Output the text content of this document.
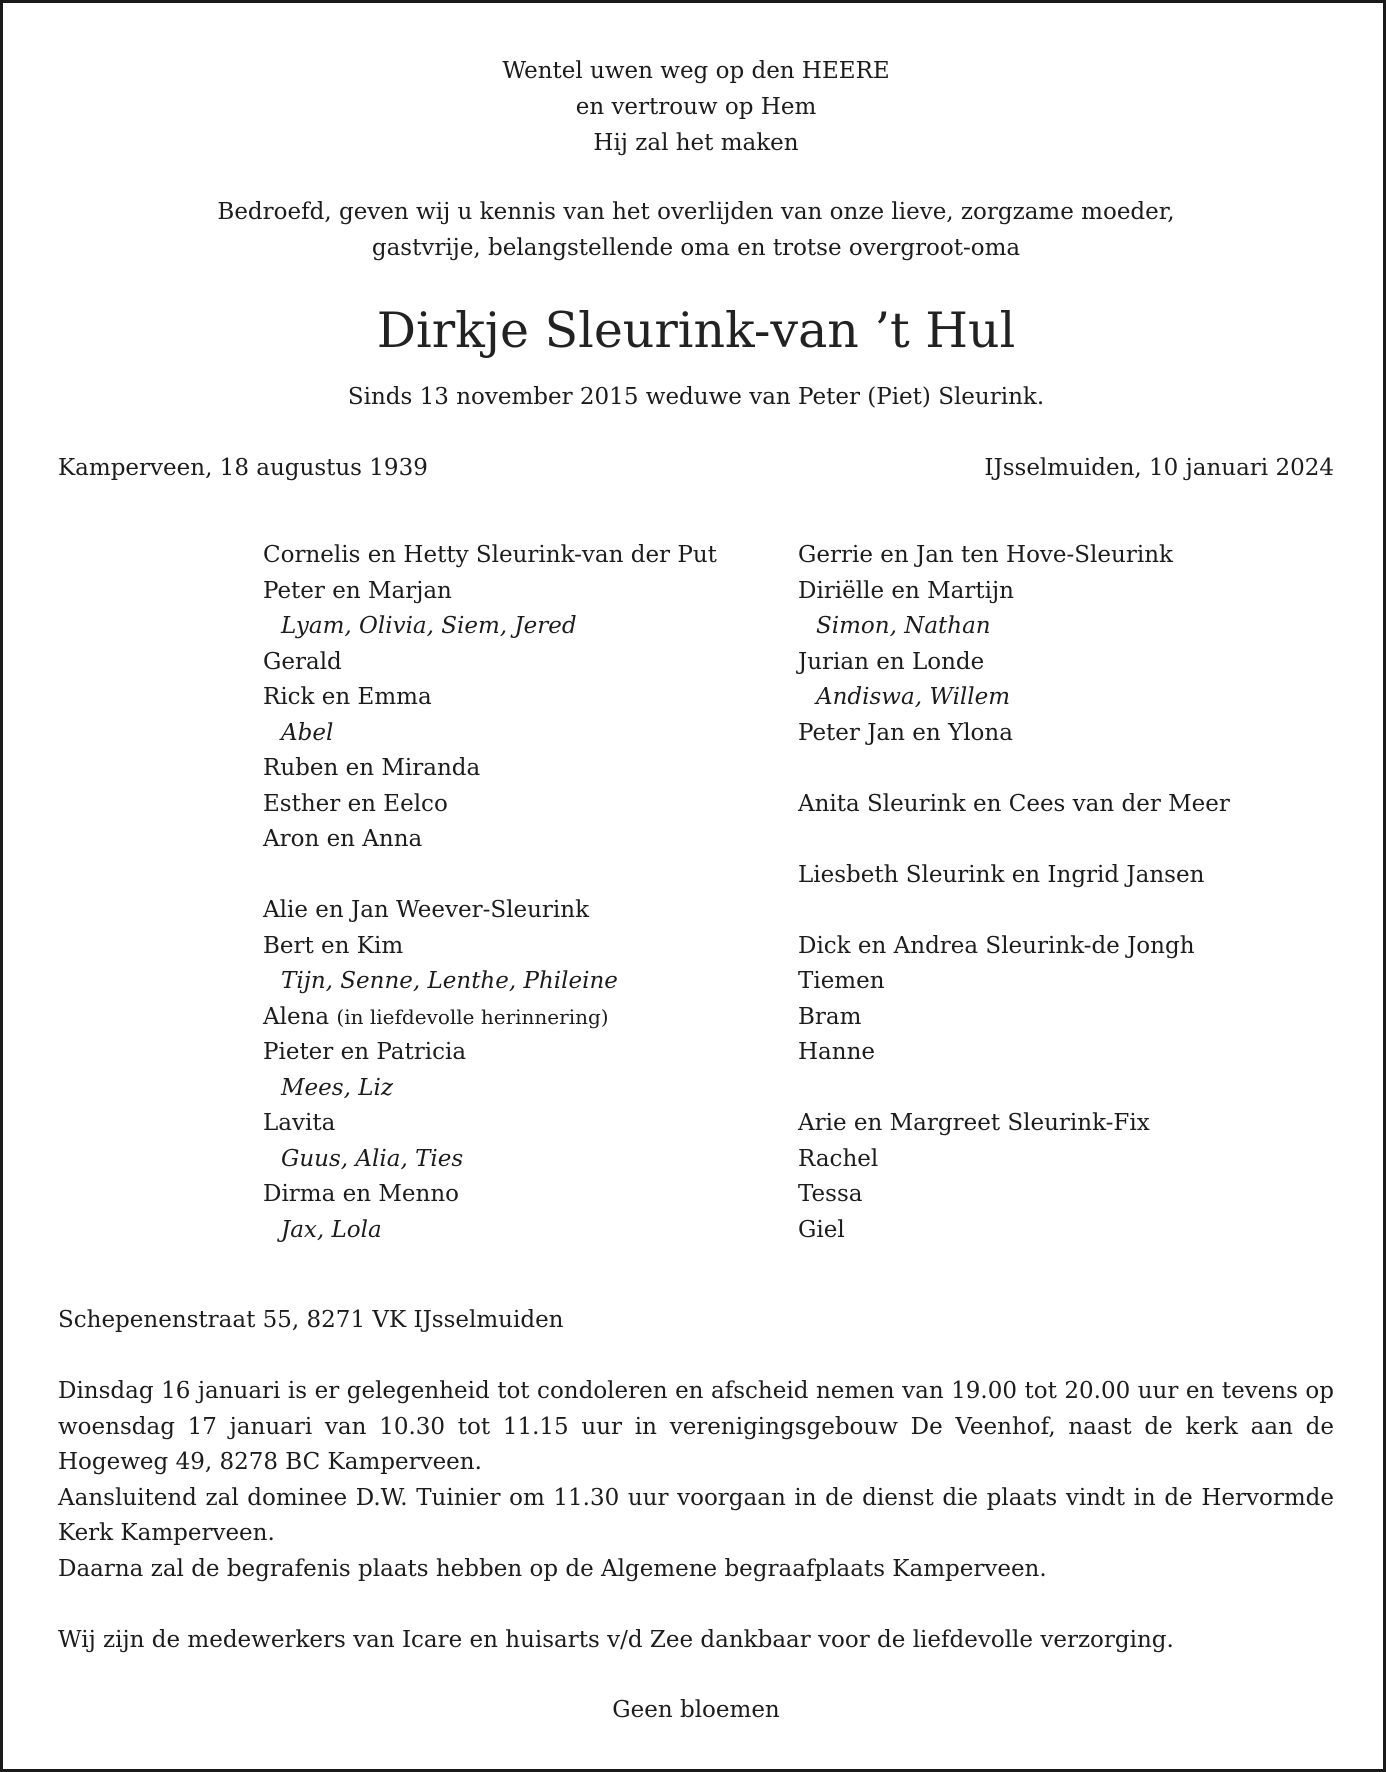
Wentel uwen weg op den HEERE
en vertrouw op Hem
Hij zal het maken
Bedroefd, geven wij u kennis van het overlijden van onze lieve, zorgzame moeder,
gastvrije, belangstellende oma en trotse overgroot-oma
Dirkje Sleurink-van ’t Hul
Sinds 13 november 2015 weduwe van Peter (Piet) Sleurink.
Kamperveen, 18 augustus 1939	IJsselmuiden, 10 januari 2024
Cornelis en Hetty Sleurink-van der Put
Peter en Marjan
Lyam, Olivia, Siem, Jered
Gerald
Rick en Emma
Abel
Ruben en Miranda
Esther en Eelco
Aron en Anna
Alie en Jan Weever-Sleurink
Bert en Kim
Tijn, Senne, Lenthe, Phileine
Alena (in liefdevolle herinnering)
Pieter en Patricia
Mees, Liz
Lavita
Guus, Alia, Ties
Dirma en Menno
Jax, Lola
Gerrie en Jan ten Hove-Sleurink
Diriëlle en Martijn
Simon, Nathan
Jurian en Londe
Andiswa, Willem
Peter Jan en Ylona
Anita Sleurink en Cees van der Meer
Liesbeth Sleurink en Ingrid Jansen
Dick en Andrea Sleurink-de Jongh
Tiemen
Bram
Hanne
Arie en Margreet Sleurink-Fix
Rachel
Tessa
Giel
Schepenenstraat 55, 8271 VK IJsselmuiden

Dinsdag 16 januari is er gelegenheid tot condoleren en afscheid nemen van 19.00 tot 20.00 uur en tevens op woensdag 17 januari van 10.30 tot 11.15 uur in verenigingsgebouw De Veenhof, naast de kerk aan de Hogeweg 49, 8278 BC Kamperveen.

Aansluitend zal dominee D.W. Tuinier om 11.30 uur voorgaan in de dienst die plaats vindt in de Hervormde Kerk Kamperveen.

Daarna zal de begrafenis plaats hebben op de Algemene begraafplaats Kamperveen.

Wij zijn de medewerkers van Icare en huisarts v/d Zee dankbaar voor de liefdevolle verzorging.
Geen bloemen
